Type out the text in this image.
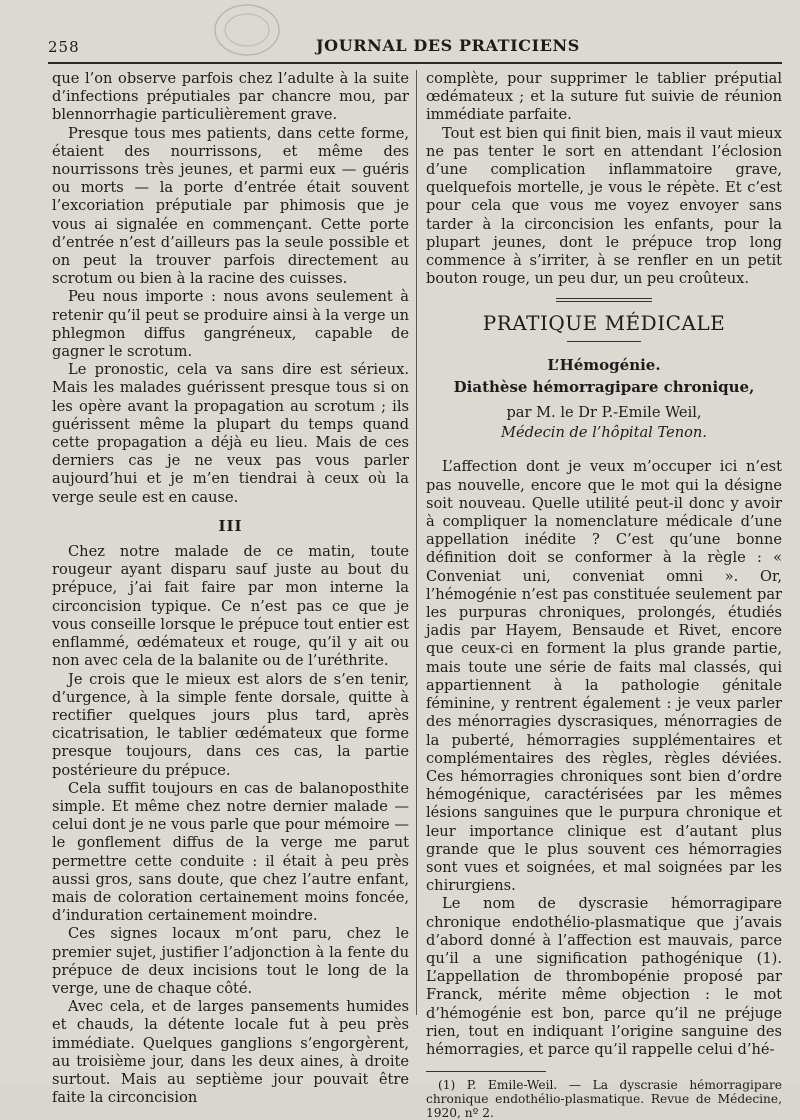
258	JOURNAL DES PRATICIENS

que l’on observe parfois chez l’adulte à la suite d’infections préputiales par chancre mou, par blennorrhagie particulièrement grave.

Presque tous mes patients, dans cette forme, étaient des nourrissons, et même des nourrissons très jeunes, et parmi eux — guéris ou morts — la porte d’entrée était souvent l’excoriation préputiale par phimosis que je vous ai signalée en commençant. Cette porte d’entrée n’est d’ailleurs pas la seule possible et on peut la trouver parfois directement au scrotum ou bien à la racine des cuisses.

Peu nous importe : nous avons seulement à retenir qu’il peut se produire ainsi à la verge un phlegmon diffus gangréneux, capable de gagner le scrotum.

Le pronostic, cela va sans dire est sérieux. Mais les malades guérissent presque tous si on les opère avant la propagation au scrotum ; ils guérissent même la plupart du temps quand cette propagation a déjà eu lieu. Mais de ces derniers cas je ne veux pas vous parler aujourd’hui et je m’en tiendrai à ceux où la verge seule est en cause.

III

Chez notre malade de ce matin, toute rougeur ayant disparu sauf juste au bout du prépuce, j’ai fait faire par mon interne la circoncision typique. Ce n’est pas ce que je vous conseille lorsque le prépuce tout entier est enflammé, œdémateux et rouge, qu’il y ait ou non avec cela de la balanite ou de l’uréthrite.

Je crois que le mieux est alors de s’en tenir, d’urgence, à la simple fente dorsale, quitte à rectifier quelques jours plus tard, après cicatrisation, le tablier œdémateux que forme presque toujours, dans ces cas, la partie postérieure du prépuce.

Cela suffit toujours en cas de balanoposthite simple. Et même chez notre dernier malade — celui dont je ne vous parle que pour mémoire — le gonflement diffus de la verge me parut permettre cette conduite : il était à peu près aussi gros, sans doute, que chez l’autre enfant, mais de coloration certainement moins foncée, d’induration certainement moindre.

Ces signes locaux m’ont paru, chez le premier sujet, justifier l’adjonction à la fente du prépuce de deux incisions tout le long de la verge, une de chaque côté.

Avec cela, et de larges pansements humides et chauds, la détente locale fut à peu près immédiate. Quelques ganglions s’engorgèrent, au troisième jour, dans les deux aines, à droite surtout. Mais au septième jour pouvait être faite la circoncision

complète, pour supprimer le tablier préputial œdémateux ; et la suture fut suivie de réunion immédiate parfaite.

Tout est bien qui finit bien, mais il vaut mieux ne pas tenter le sort en attendant l’éclosion d’une complication inflammatoire grave, quelquefois mortelle, je vous le répète. Et c’est pour cela que vous me voyez envoyer sans tarder à la circoncision les enfants, pour la plupart jeunes, dont le prépuce trop long commence à s’irriter, à se renfler en un petit bouton rouge, un peu dur, un peu croûteux.

PRATIQUE MÉDICALE
L’Hémogénie.
Diathèse hémorragipare chronique,
par M. le Dr P.-Emile Weil,
Médecin de l’hôpital Tenon.

L’affection dont je veux m’occuper ici n’est pas nouvelle, encore que le mot qui la désigne soit nouveau. Quelle utilité peut-il donc y avoir à compliquer la nomenclature médicale d’une appellation inédite ? C’est qu’une bonne définition doit se conformer à la règle : « Conveniat uni, conveniat omni ». Or, l’hémogénie n’est pas constituée seulement par les purpuras chroniques, prolongés, étudiés jadis par Hayem, Bensaude et Rivet, encore que ceux-ci en forment la plus grande partie, mais toute une série de faits mal classés, qui appartiennent à la pathologie génitale féminine, y rentrent également : je veux parler des ménorragies dyscrasiques, ménorragies de la puberté, hémorragies supplémentaires et complémentaires des règles, règles déviées. Ces hémorragies chroniques sont bien d’ordre hémogénique, caractérisées par les mêmes lésions sanguines que le purpura chronique et leur importance clinique est d’autant plus grande que le plus souvent ces hémorragies sont vues et soignées, et mal soignées par les chirurgiens.

Le nom de dyscrasie hémorragipare chronique endothélio-plasmatique que j’avais d’abord donné à l’affection est mauvais, parce qu’il a une signification pathogénique (1). L’appellation de thrombopénie proposé par Franck, mérite même objection : le mot d’hémogénie est bon, parce qu’il ne préjuge rien, tout en indiquant l’origine sanguine des hémorragies, et parce qu’il rappelle celui d’hé-

(1) P. Emile-Weil. — La dyscrasie hémorragipare chronique endothélio-plasmatique. Revue de Médecine, 1920, nº 2.
